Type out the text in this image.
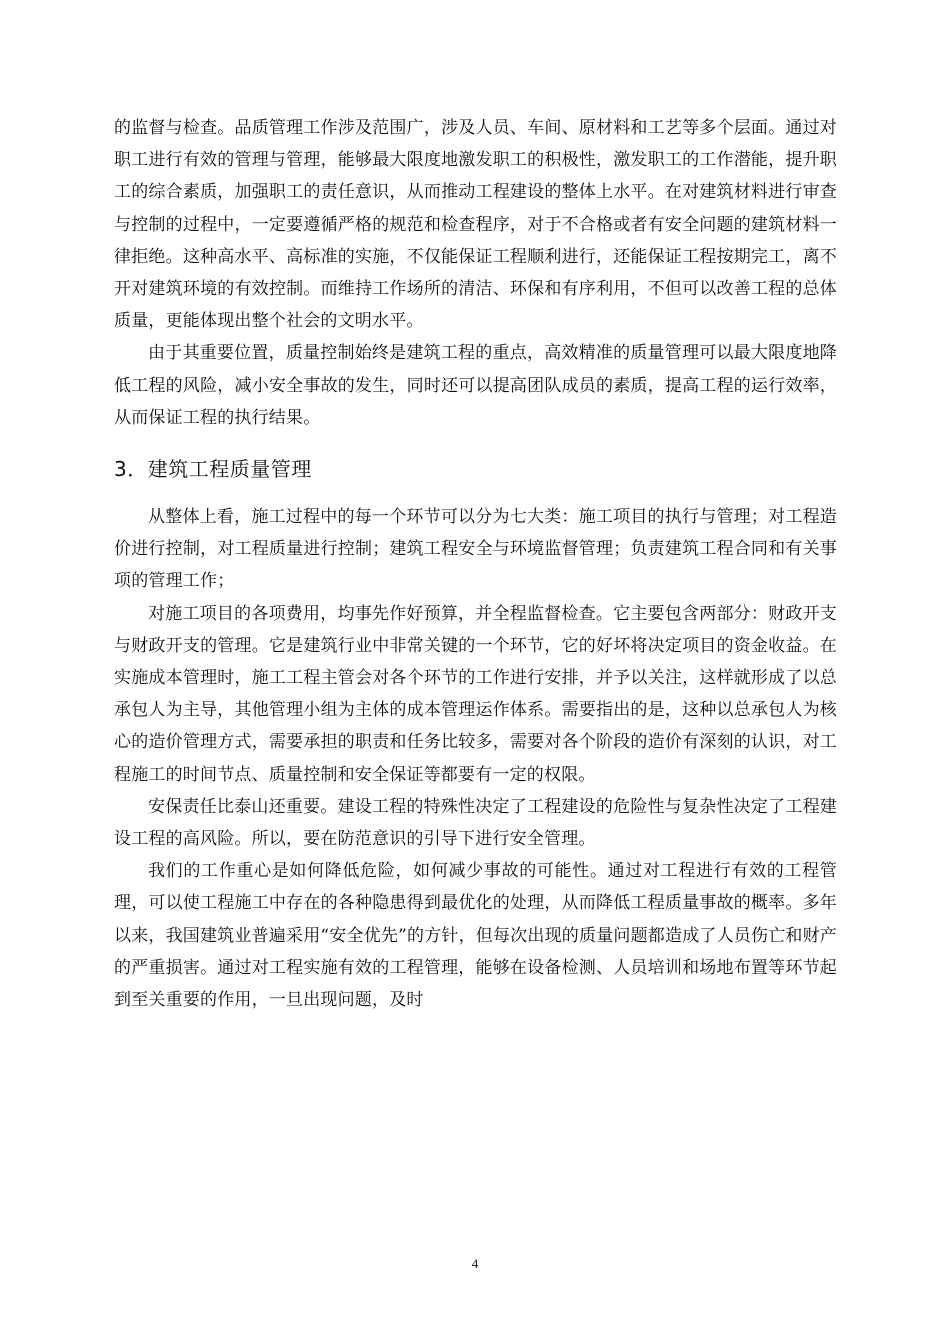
的监督与检查。品质管理工作涉及范围广，涉及人员、车间、原材料和工艺等多个层面。通过对职工进行有效的管理与管理，能够最大限度地激发职工的积极性，激发职工的工作潜能，提升职工的综合素质，加强职工的责任意识，从而推动工程建设的整体上水平。在对建筑材料进行审查与控制的过程中，一定要遵循严格的规范和检查程序，对于不合格或者有安全问题的建筑材料一律拒绝。这种高水平、高标准的实施，不仅能保证工程顺利进行，还能保证工程按期完工，离不开对建筑环境的有效控制。而维持工作场所的清洁、环保和有序利用，不但可以改善工程的总体质量，更能体现出整个社会的文明水平。

由于其重要位置，质量控制始终是建筑工程的重点，高效精准的质量管理可以最大限度地降低工程的风险，减小安全事故的发生，同时还可以提高团队成员的素质，提高工程的运行效率，从而保证工程的执行结果。

3．建筑工程质量管理

从整体上看，施工过程中的每一个环节可以分为七大类：施工项目的执行与管理；对工程造价进行控制，对工程质量进行控制；建筑工程安全与环境监督管理；负责建筑工程合同和有关事项的管理工作；

对施工项目的各项费用，均事先作好预算，并全程监督检查。它主要包含两部分：财政开支与财政开支的管理。它是建筑行业中非常关键的一个环节，它的好坏将决定项目的资金收益。在实施成本管理时，施工工程主管会对各个环节的工作进行安排，并予以关注，这样就形成了以总承包人为主导，其他管理小组为主体的成本管理运作体系。需要指出的是，这种以总承包人为核心的造价管理方式，需要承担的职责和任务比较多，需要对各个阶段的造价有深刻的认识，对工程施工的时间节点、质量控制和安全保证等都要有一定的权限。

安保责任比泰山还重要。建设工程的特殊性决定了工程建设的危险性与复杂性决定了工程建设工程的高风险。所以，要在防范意识的引导下进行安全管理。

我们的工作重心是如何降低危险，如何减少事故的可能性。通过对工程进行有效的工程管理，可以使工程施工中存在的各种隐患得到最优化的处理，从而降低工程质量事故的概率。多年以来，我国建筑业普遍采用“安全优先”的方针，但每次出现的质量问题都造成了人员伤亡和财产的严重损害。通过对工程实施有效的工程管理，能够在设备检测、人员培训和场地布置等环节起到至关重要的作用，一旦出现问题，及时

4
